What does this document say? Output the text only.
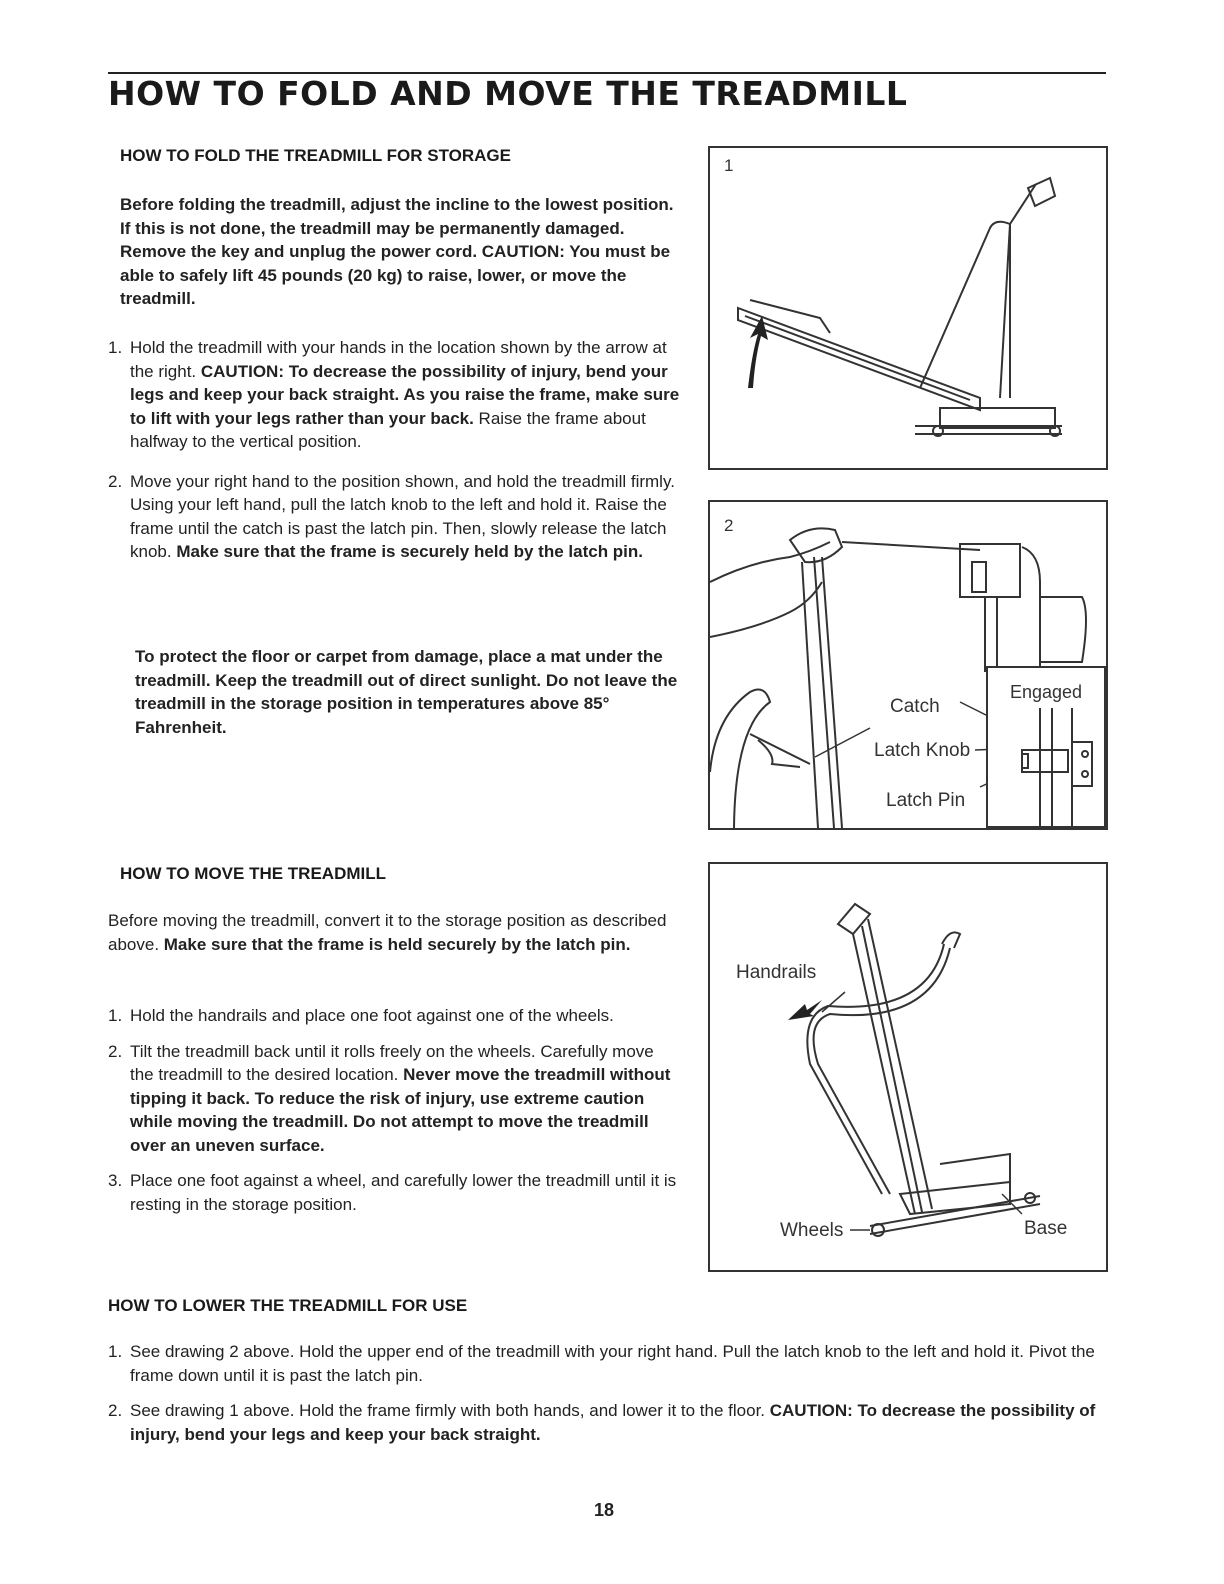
HOW TO FOLD AND MOVE THE TREADMILL
HOW TO FOLD THE TREADMILL FOR STORAGE

Before folding the treadmill, adjust the incline to the lowest position. If this is not done, the treadmill may be permanently damaged. Remove the key and unplug the power cord. CAUTION: You must be able to safely lift 45 pounds (20 kg) to raise, lower, or move the treadmill.

1. Hold the treadmill with your hands in the location shown by the arrow at the right. CAUTION: To decrease the possibility of injury, bend your legs and keep your back straight. As you raise the frame, make sure to lift with your legs rather than your back. Raise the frame about halfway to the vertical position.
2. Move your right hand to the position shown, and hold the treadmill firmly. Using your left hand, pull the latch knob to the left and hold it. Raise the frame until the catch is past the latch pin. Then, slowly release the latch knob. Make sure that the frame is securely held by the latch pin.

To protect the floor or carpet from damage, place a mat under the treadmill. Keep the treadmill out of direct sunlight. Do not leave the treadmill in the storage position in temperatures above 85° Fahrenheit.

HOW TO MOVE THE TREADMILL

Before moving the treadmill, convert it to the storage position as described above. Make sure that the frame is held securely by the latch pin.

1. Hold the handrails and place one foot against one of the wheels.
2. Tilt the treadmill back until it rolls freely on the wheels. Carefully move the treadmill to the desired location. Never move the treadmill without tipping it back. To reduce the risk of injury, use extreme caution while moving the treadmill. Do not attempt to move the treadmill over an uneven surface.
3. Place one foot against a wheel, and carefully lower the treadmill until it is resting in the storage position.
HOW TO LOWER THE TREADMILL FOR USE
1. See drawing 2 above. Hold the upper end of the treadmill with your right hand. Pull the latch knob to the left and hold it. Pivot the frame down until it is past the latch pin.
2. See drawing 1 above. Hold the frame firmly with both hands, and lower it to the floor. CAUTION: To decrease the possibility of injury, bend your legs and keep your back straight.
1
2
Catch
Latch Knob
Latch Pin
Engaged
Handrails
Wheels	Base
18
